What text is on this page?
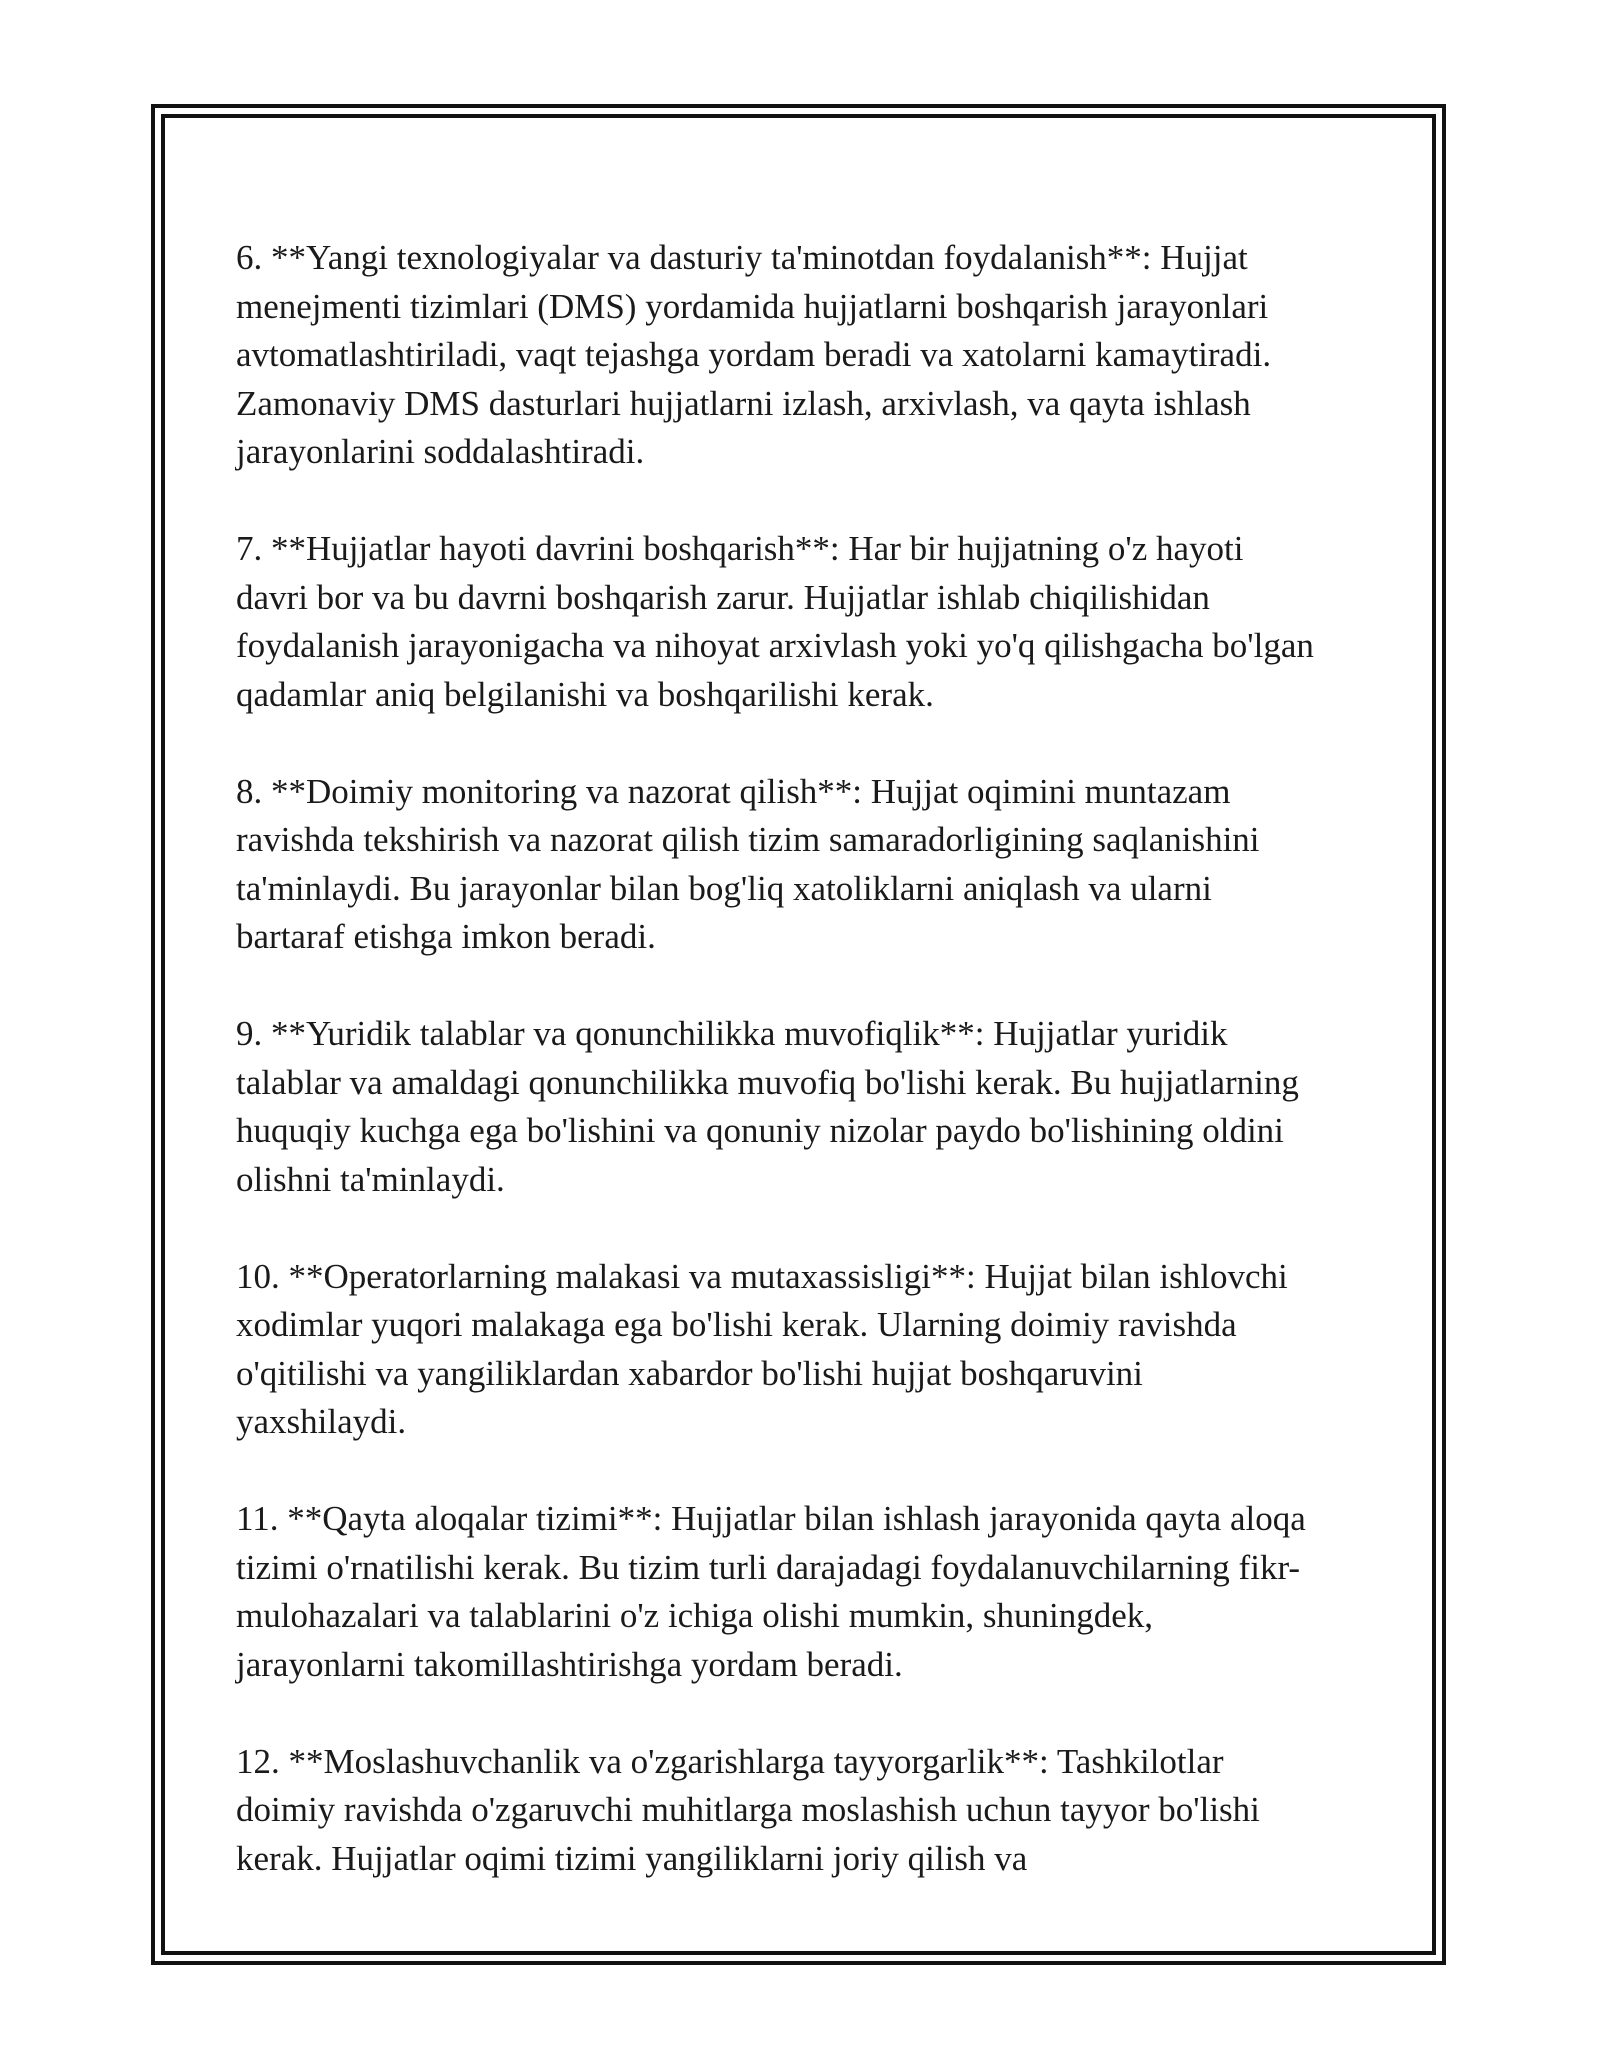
6. **Yangi texnologiyalar va dasturiy ta'minotdan foydalanish**: Hujjat
menejmenti tizimlari (DMS) yordamida hujjatlarni boshqarish jarayonlari
avtomatlashtiriladi, vaqt tejashga yordam beradi va xatolarni kamaytiradi.
Zamonaviy DMS dasturlari hujjatlarni izlash, arxivlash, va qayta ishlash
jarayonlarini soddalashtiradi.

7. **Hujjatlar hayoti davrini boshqarish**: Har bir hujjatning o'z hayoti
davri bor va bu davrni boshqarish zarur. Hujjatlar ishlab chiqilishidan
foydalanish jarayonigacha va nihoyat arxivlash yoki yo'q qilishgacha bo'lgan
qadamlar aniq belgilanishi va boshqarilishi kerak.

8. **Doimiy monitoring va nazorat qilish**: Hujjat oqimini muntazam
ravishda tekshirish va nazorat qilish tizim samaradorligining saqlanishini
ta'minlaydi. Bu jarayonlar bilan bog'liq xatoliklarni aniqlash va ularni
bartaraf etishga imkon beradi.

9. **Yuridik talablar va qonunchilikka muvofiqlik**: Hujjatlar yuridik
talablar va amaldagi qonunchilikka muvofiq bo'lishi kerak. Bu hujjatlarning
huquqiy kuchga ega bo'lishini va qonuniy nizolar paydo bo'lishining oldini
olishni ta'minlaydi.

10. **Operatorlarning malakasi va mutaxassisligi**: Hujjat bilan ishlovchi
xodimlar yuqori malakaga ega bo'lishi kerak. Ularning doimiy ravishda
o'qitilishi va yangiliklardan xabardor bo'lishi hujjat boshqaruvini
yaxshilaydi.

11. **Qayta aloqalar tizimi**: Hujjatlar bilan ishlash jarayonida qayta aloqa
tizimi o'rnatilishi kerak. Bu tizim turli darajadagi foydalanuvchilarning fikr-
mulohazalari va talablarini o'z ichiga olishi mumkin, shuningdek,
jarayonlarni takomillashtirishga yordam beradi.

12. **Moslashuvchanlik va o'zgarishlarga tayyorgarlik**: Tashkilotlar
doimiy ravishda o'zgaruvchi muhitlarga moslashish uchun tayyor bo'lishi
kerak. Hujjatlar oqimi tizimi yangiliklarni joriy qilish va
